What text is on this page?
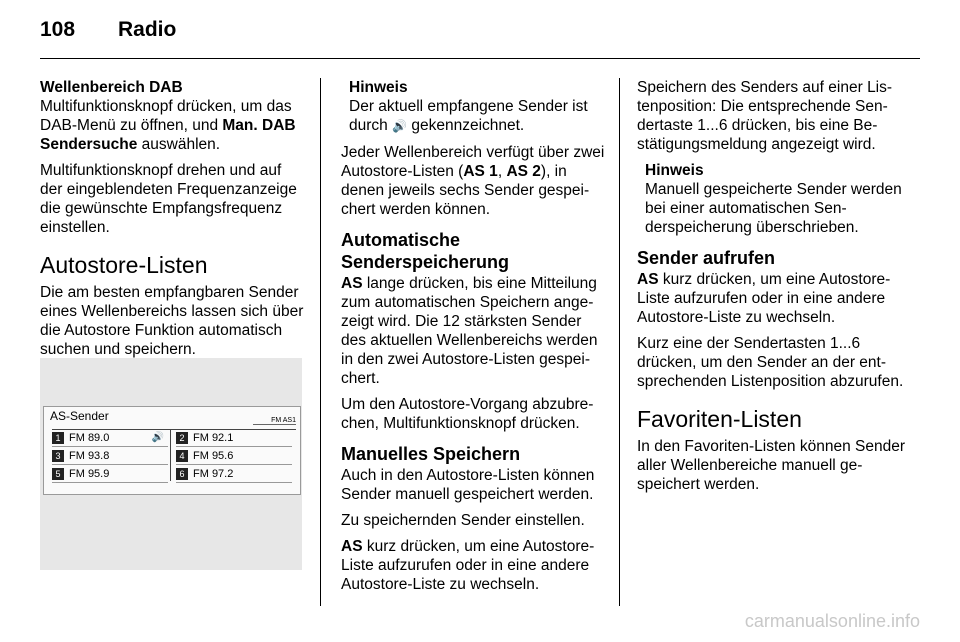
108 Radio

Wellenbereich DAB

Multifunktionsknopf drücken, um das DAB-Menü zu öffnen, und Man. DAB Sendersuche auswählen.

Multifunktionsknopf drehen und auf der eingeblendeten Frequenzanzeige die gewünschte Empfangsfrequenz einstellen.

Autostore-Listen

Die am besten empfangbaren Sender eines Wellenbereichs lassen sich über die Autostore Funktion automatisch suchen und speichern.

AS-Sender	FM AS1
1 FM 89.0	🔊	2 FM 92.1
3 FM 93.8	4 FM 95.6
5 FM 95.9	6 FM 97.2
Hinweis
Der aktuell empfangene Sender ist durch 🔊 gekennzeichnet.

Jeder Wellenbereich verfügt über zwei Autostore-Listen (AS 1, AS 2), in denen jeweils sechs Sender gespeichert werden können.

Automatische Senderspeicherung

AS lange drücken, bis eine Mitteilung zum automatischen Speichern angezeigt wird. Die 12 stärksten Sender des aktuellen Wellenbereichs werden in den zwei Autostore-Listen gespeichert.

Um den Autostore-Vorgang abzubrechen, Multifunktionsknopf drücken.

Manuelles Speichern

Auch in den Autostore-Listen können Sender manuell gespeichert werden.

Zu speichernden Sender einstellen.

AS kurz drücken, um eine Autostore-Liste aufzurufen oder in eine andere Autostore-Liste zu wechseln.

Speichern des Senders auf einer Listenposition: Die entsprechende Sendertaste 1...6 drücken, bis eine Bestätigungsmeldung angezeigt wird.

Hinweis
Manuell gespeicherte Sender werden bei einer automatischen Senderspeicherung überschrieben.
Sender aufrufen

AS kurz drücken, um eine Autostore-Liste aufzurufen oder in eine andere Autostore-Liste zu wechseln.

Kurz eine der Sendertasten 1...6 drücken, um den Sender an der entsprechenden Listenposition abzurufen.

Favoriten-Listen

In den Favoriten-Listen können Sender aller Wellenbereiche manuell gespeichert werden.

carmanualsonline.info
